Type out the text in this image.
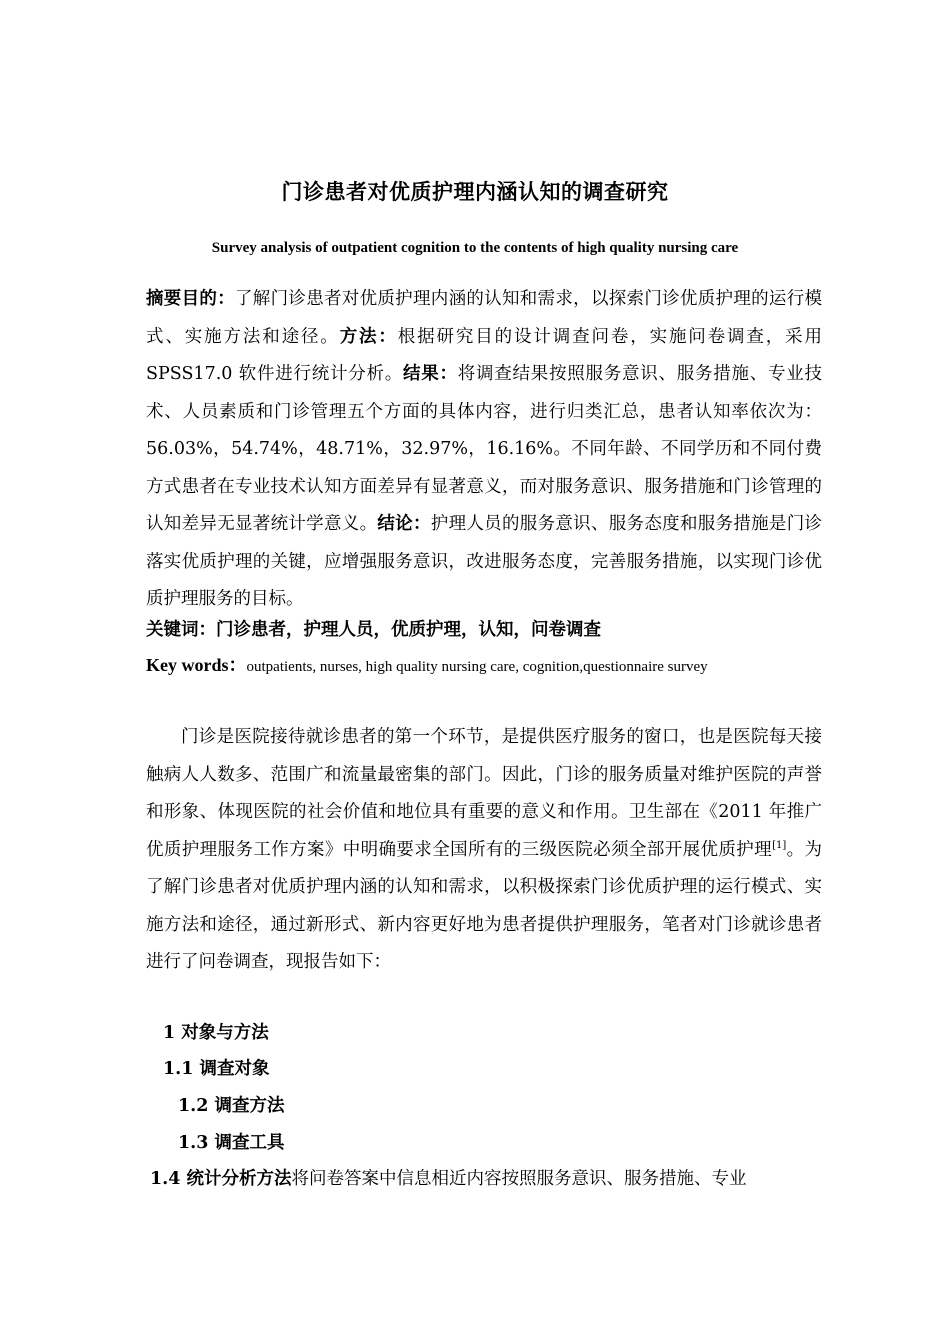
门诊患者对优质护理内涵认知的调查研究
Survey analysis of outpatient cognition to the contents of high quality nursing care
摘要目的：了解门诊患者对优质护理内涵的认知和需求，以探索门诊优质护理的运行模式、实施方法和途径。方法：根据研究目的设计调查问卷，实施问卷调查，采用 SPSS17.0 软件进行统计分析。结果：将调查结果按照服务意识、服务措施、专业技术、人员素质和门诊管理五个方面的具体内容，进行归类汇总，患者认知率依次为：56.03%，54.74%，48.71%，32.97%，16.16%。不同年龄、不同学历和不同付费方式患者在专业技术认知方面差异有显著意义，而对服务意识、服务措施和门诊管理的认知差异无显著统计学意义。结论：护理人员的服务意识、服务态度和服务措施是门诊落实优质护理的关键，应增强服务意识，改进服务态度，完善服务措施，以实现门诊优质护理服务的目标。
关键词：门诊患者，护理人员，优质护理，认知，问卷调查
Key words：outpatients, nurses, high quality nursing care, cognition,questionnaire survey
门诊是医院接待就诊患者的第一个环节，是提供医疗服务的窗口，也是医院每天接触病人人数多、范围广和流量最密集的部门。因此，门诊的服务质量对维护医院的声誉和形象、体现医院的社会价值和地位具有重要的意义和作用。卫生部在《2011 年推广优质护理服务工作方案》中明确要求全国所有的三级医院必须全部开展优质护理[1]。为了解门诊患者对优质护理内涵的认知和需求，以积极探索门诊优质护理的运行模式、实施方法和途径，通过新形式、新内容更好地为患者提供护理服务，笔者对门诊就诊患者进行了问卷调查，现报告如下：
1 对象与方法
1.1 调查对象
1.2 调查方法
1.3 调查工具
1.4 统计分析方法将问卷答案中信息相近内容按照服务意识、服务措施、专业
